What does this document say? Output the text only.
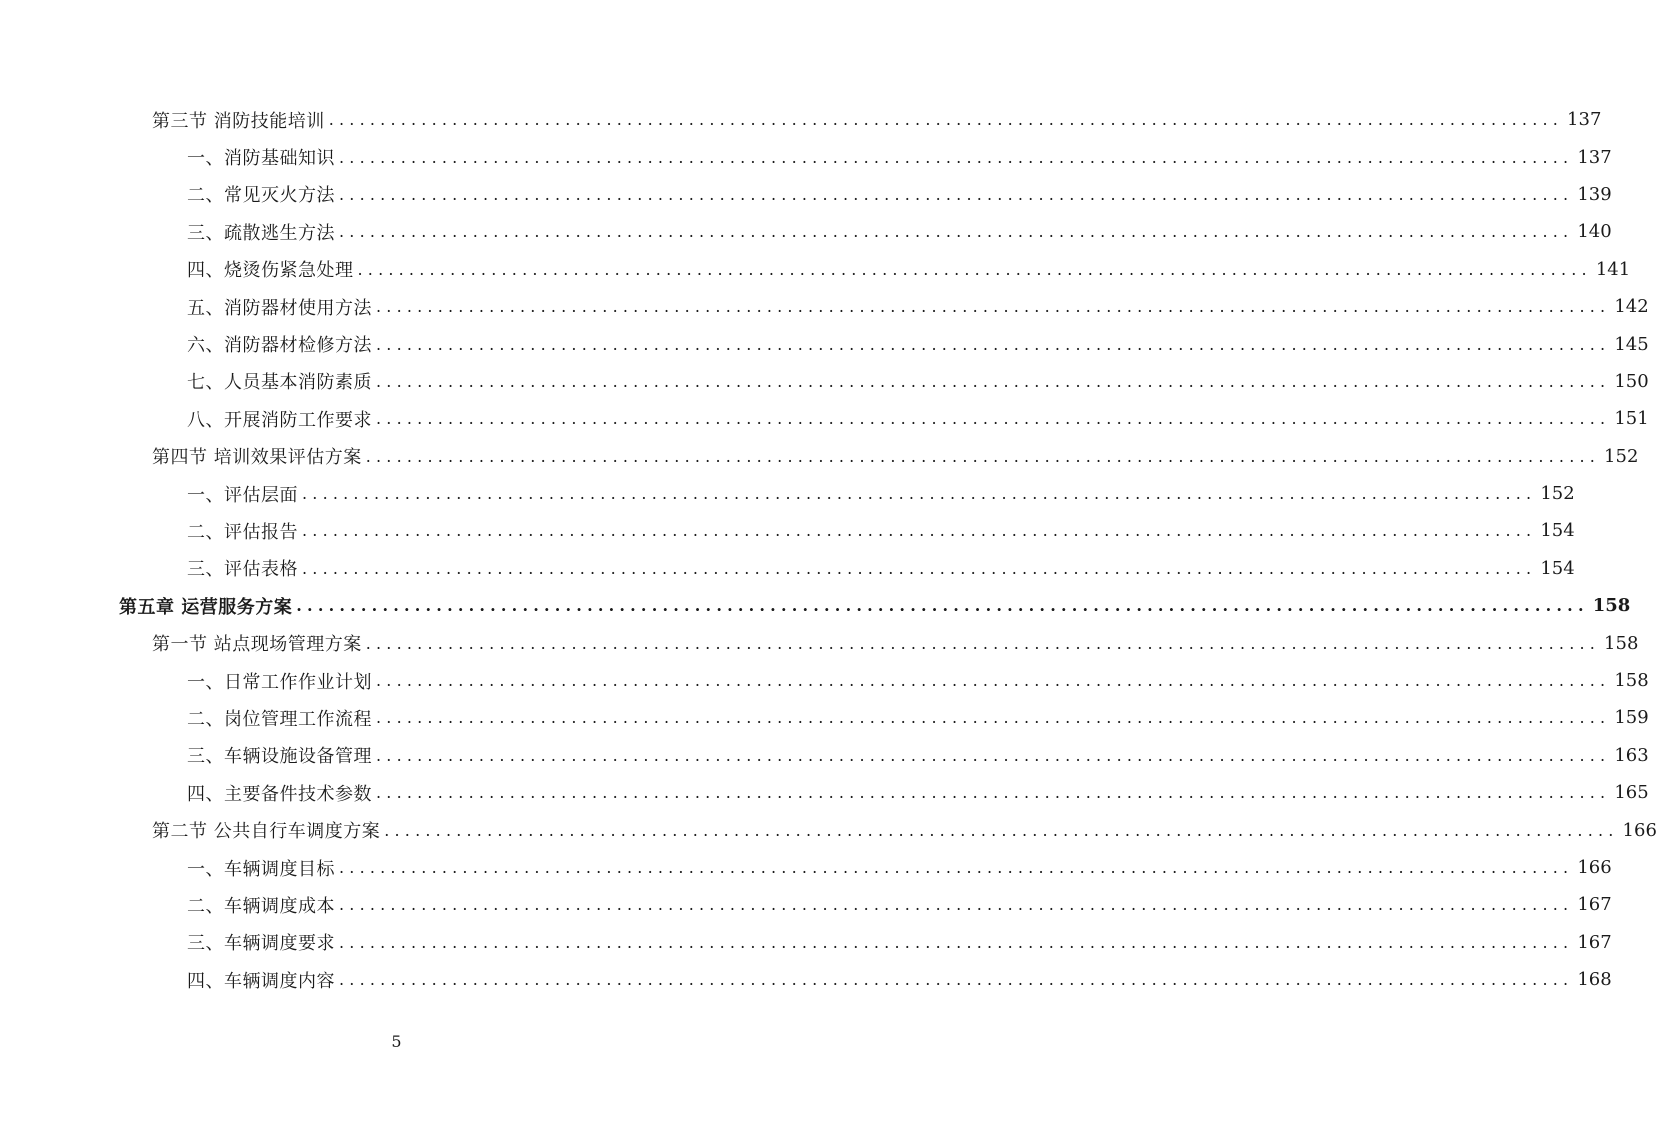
第三节 消防技能培训 ........................................................................................................................ 137
一、消防基础知识 ........................................................................................................................ 137
二、常见灭火方法 ........................................................................................................................ 139
三、疏散逃生方法 ........................................................................................................................ 140
四、烧烫伤紧急处理 ........................................................................................................................ 141
五、消防器材使用方法 ........................................................................................................................ 142
六、消防器材检修方法 ........................................................................................................................ 145
七、人员基本消防素质 ........................................................................................................................ 150
八、开展消防工作要求 ........................................................................................................................ 151
第四节 培训效果评估方案 ........................................................................................................................ 152
一、评估层面 ........................................................................................................................ 152
二、评估报告 ........................................................................................................................ 154
三、评估表格 ........................................................................................................................ 154
第五章 运营服务方案 ........................................................................................................................ 158
第一节 站点现场管理方案 ........................................................................................................................ 158
一、日常工作作业计划 ........................................................................................................................ 158
二、岗位管理工作流程 ........................................................................................................................ 159
三、车辆设施设备管理 ........................................................................................................................ 163
四、主要备件技术参数 ........................................................................................................................ 165
第二节 公共自行车调度方案 ........................................................................................................................ 166
一、车辆调度目标 ........................................................................................................................ 166
二、车辆调度成本 ........................................................................................................................ 167
三、车辆调度要求 ........................................................................................................................ 167
四、车辆调度内容 ........................................................................................................................ 168
5
